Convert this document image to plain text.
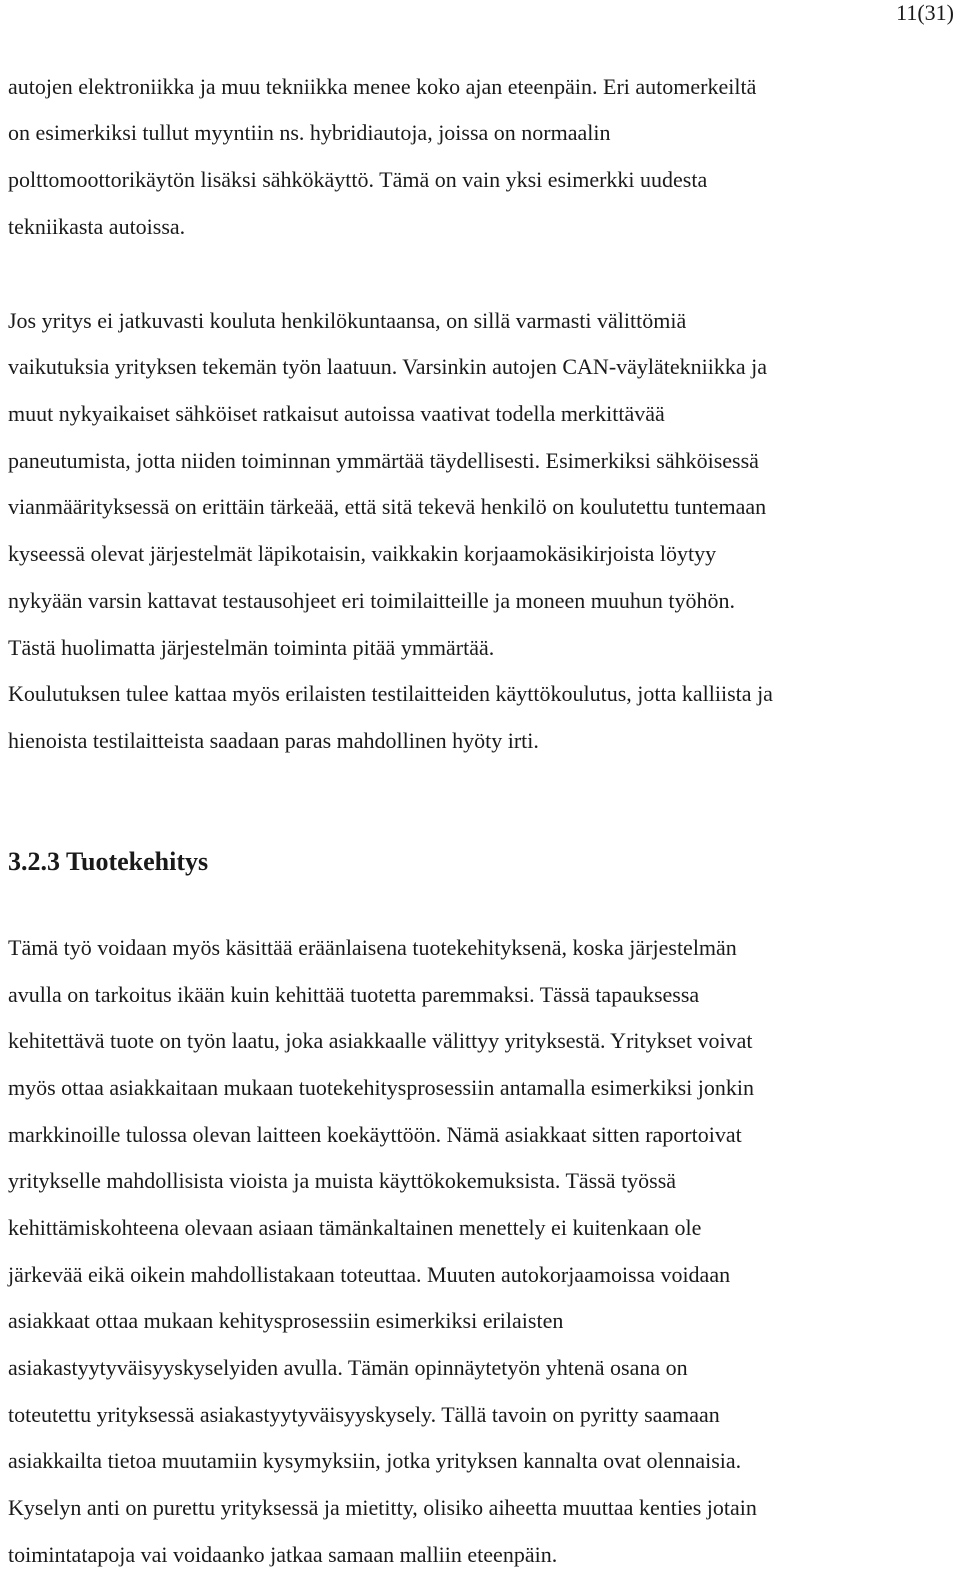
11(31)
autojen elektroniikka ja muu tekniikka menee koko ajan eteenpäin. Eri automerkeiltä
on esimerkiksi tullut myyntiin ns. hybridiautoja, joissa on normaalin
polttomoottorikäytön lisäksi sähkökäyttö. Tämä on vain yksi esimerkki uudesta
tekniikasta autoissa.
Jos yritys ei jatkuvasti kouluta henkilökuntaansa, on sillä varmasti välittömiä
vaikutuksia yrityksen tekemän työn laatuun. Varsinkin autojen CAN-väylätekniikka ja
muut nykyaikaiset sähköiset ratkaisut autoissa vaativat todella merkittävää
paneutumista, jotta niiden toiminnan ymmärtää täydellisesti. Esimerkiksi sähköisessä
vianmäärityksessä on erittäin tärkeää, että sitä tekevä henkilö on koulutettu tuntemaan
kyseessä olevat järjestelmät läpikotaisin, vaikkakin korjaamokäsikirjoista löytyy
nykyään varsin kattavat testausohjeet eri toimilaitteille ja moneen muuhun työhön.
Tästä huolimatta järjestelmän toiminta pitää ymmärtää.
Koulutuksen tulee kattaa myös erilaisten testilaitteiden käyttökoulutus, jotta kalliista ja
hienoista testilaitteista saadaan paras mahdollinen hyöty irti.
3.2.3 Tuotekehitys
Tämä työ voidaan myös käsittää eräänlaisena tuotekehityksenä, koska järjestelmän
avulla on tarkoitus ikään kuin kehittää tuotetta paremmaksi. Tässä tapauksessa
kehitettävä tuote on työn laatu, joka asiakkaalle välittyy yrityksestä. Yritykset voivat
myös ottaa asiakkaitaan mukaan tuotekehitysprosessiin antamalla esimerkiksi jonkin
markkinoille tulossa olevan laitteen koekäyttöön. Nämä asiakkaat sitten raportoivat
yritykselle mahdollisista vioista ja muista käyttökokemuksista. Tässä työssä
kehittämiskohteena olevaan asiaan tämänkaltainen menettely ei kuitenkaan ole
järkevää eikä oikein mahdollistakaan toteuttaa. Muuten autokorjaamoissa voidaan
asiakkaat ottaa mukaan kehitysprosessiin esimerkiksi erilaisten
asiakastyytyväisyyskyselyiden avulla. Tämän opinnäytetyön yhtenä osana on
toteutettu yrityksessä asiakastyytyväisyyskysely. Tällä tavoin on pyritty saamaan
asiakkailta tietoa muutamiin kysymyksiin, jotka yrityksen kannalta ovat olennaisia.
Kyselyn anti on purettu yrityksessä ja mietitty, olisiko aiheetta muuttaa kenties jotain
toimintatapoja vai voidaanko jatkaa samaan malliin eteenpäin.
